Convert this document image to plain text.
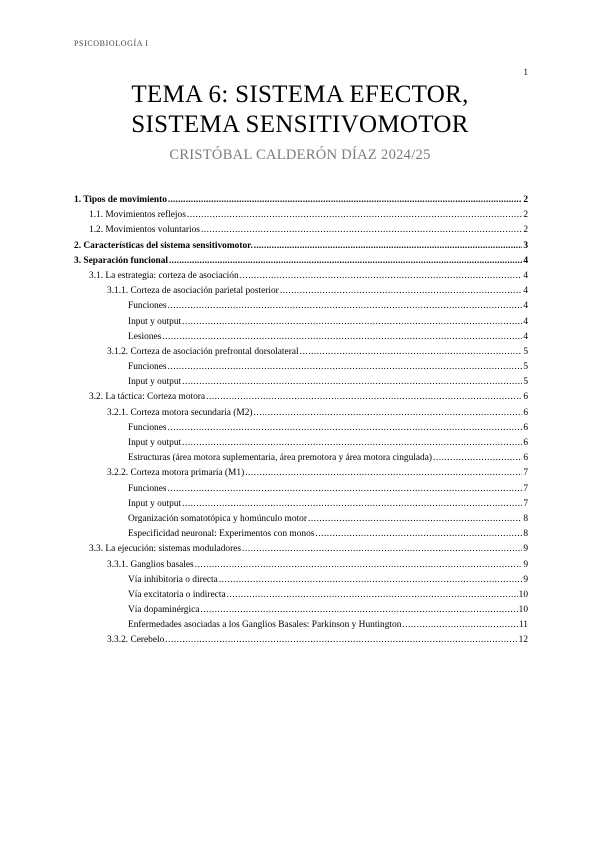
PSICOBIOLOGÍA I
1
TEMA 6: SISTEMA EFECTOR,
SISTEMA SENSITIVOMOTOR
CRISTÓBAL CALDERÓN DÍAZ 2024/25
1. Tipos de movimiento .....	2
1.1. Movimientos reflejos .....	2
1.2. Movimientos voluntarios .....	2
2. Características del sistema sensitivomotor. .....	3
3. Separación funcional .....	4
3.1. La estrategia: corteza de asociación .....	4
3.1.1. Corteza de asociación parietal posterior .....	4
Funciones .....	4
Input y output .....	4
Lesiones .....	4
3.1.2. Corteza de asociación prefrontal dorsolateral .....	5
Funciones .....	5
Input y output .....	5
3.2. La táctica: Corteza motora .....	6
3.2.1. Corteza motora secundaria (M2) .....	6
Funciones .....	6
Input y output .....	6
Estructuras (área motora suplementaria, área premotora y área motora cingulada) .....	6
3.2.2. Corteza motora primaria (M1) .....	7
Funciones .....	7
Input y output .....	7
Organización somatotópica y homúnculo motor .....	8
Especificidad neuronal: Experimentos con monos .....	8
3.3. La ejecución: sistemas moduladores .....	9
3.3.1. Ganglios basales .....	9
Vía inhibitoria o directa .....	9
Vía excitatoria o indirecta .....	10
Vía dopaminérgica .....	10
Enfermedades asociadas a los Ganglios Basales: Parkinson y Huntington .....	11
3.3.2. Cerebelo .....	12
